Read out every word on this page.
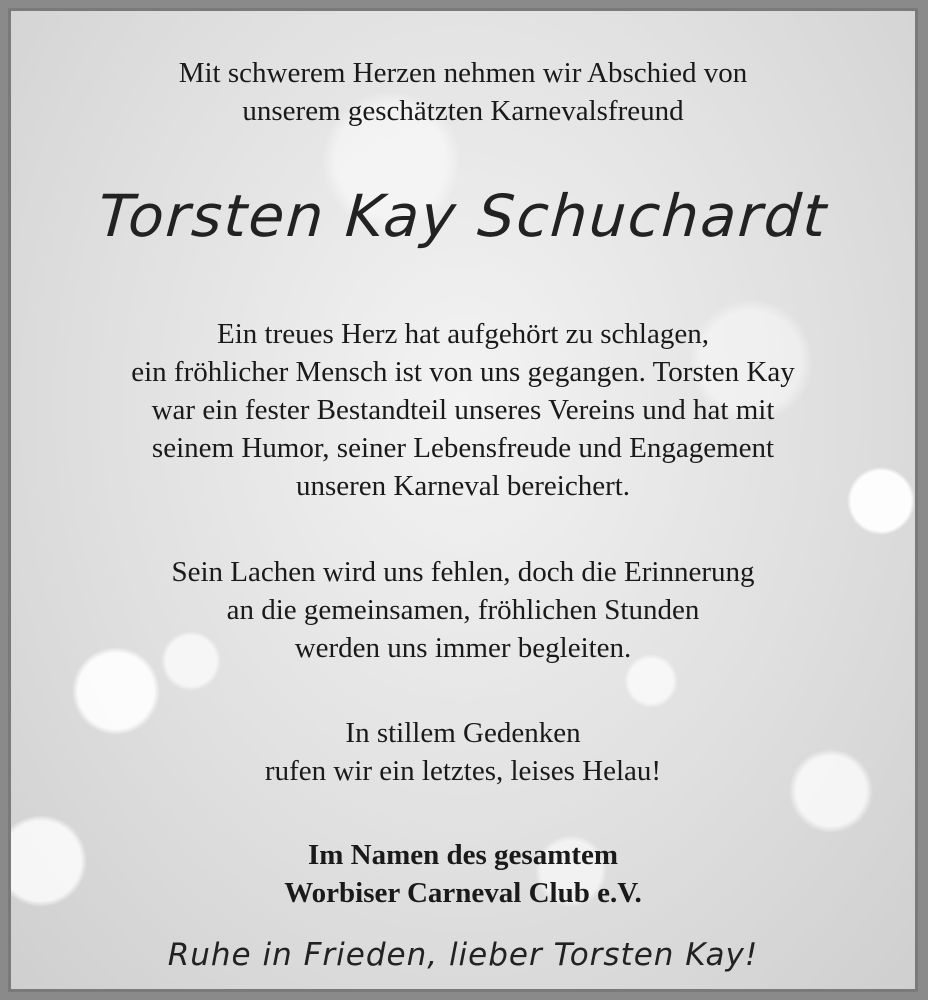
Mit schwerem Herzen nehmen wir Abschied von

unserem geschätzten Karnevalsfreund

Torsten Kay Schuchardt

Ein treues Herz hat aufgehört zu schlagen,

ein fröhlicher Mensch ist von uns gegangen. Torsten Kay

war ein fester Bestandteil unseres Vereins und hat mit

seinem Humor, seiner Lebensfreude und Engagement

unseren Karneval bereichert.

Sein Lachen wird uns fehlen, doch die Erinnerung

an die gemeinsamen, fröhlichen Stunden

werden uns immer begleiten.

In stillem Gedenken

rufen wir ein letztes, leises Helau!

Im Namen des gesamtem

Worbiser Carneval Club e.V.

Ruhe in Frieden, lieber Torsten Kay!
